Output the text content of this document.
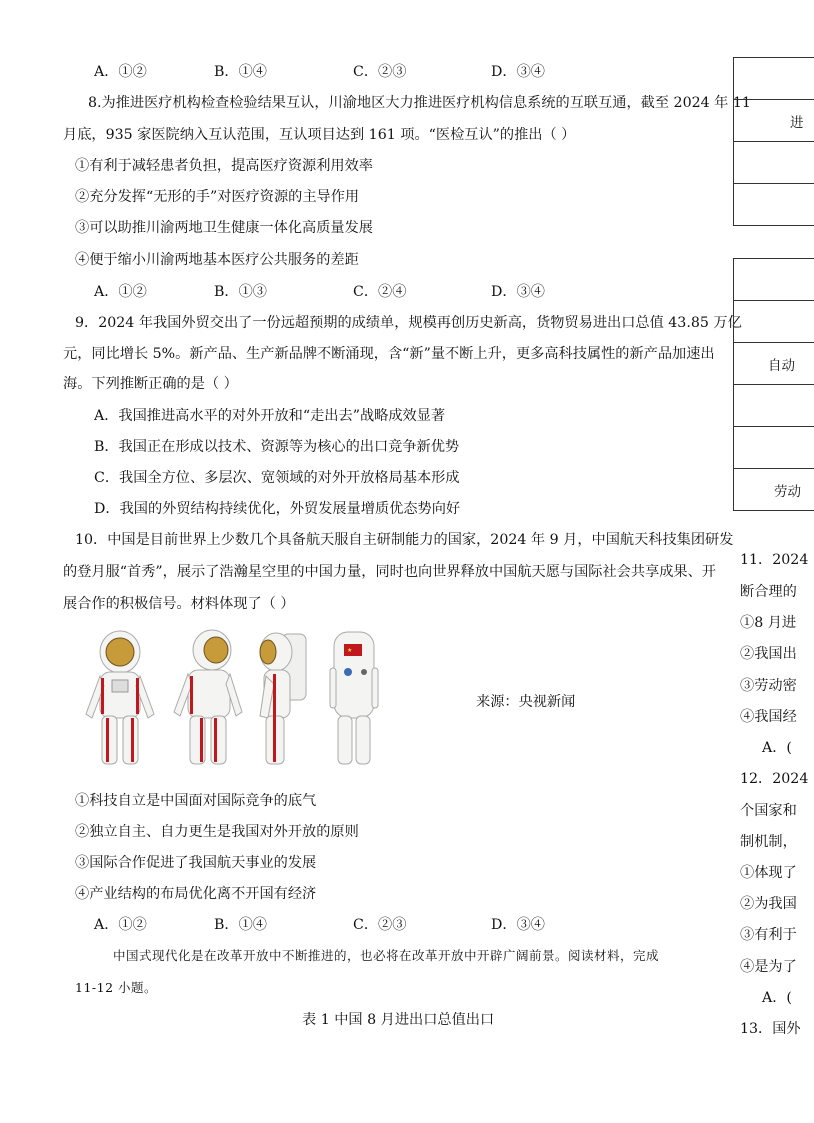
A．①②	B．①④	C．②③	D．③④
8.为推进医疗机构检查检验结果互认，川渝地区大力推进医疗机构信息系统的互联互通，截至 2024 年 11
月底，935 家医院纳入互认范围，互认项目达到 161 项。“医检互认”的推出（ ）
①有利于减轻患者负担，提高医疗资源利用效率
②充分发挥“无形的手”对医疗资源的主导作用
③可以助推川渝两地卫生健康一体化高质量发展
④便于缩小川渝两地基本医疗公共服务的差距
A．①②	B．①③	C．②④	D．③④
9．2024 年我国外贸交出了一份远超预期的成绩单，规模再创历史新高，货物贸易进出口总值 43.85 万亿
元，同比增长 5%。新产品、生产新品牌不断涌现，含“新”量不断上升，更多高科技属性的新产品加速出
海。下列推断正确的是（ ）
A．我国推进高水平的对外开放和“走出去”战略成效显著
B．我国正在形成以技术、资源等为核心的出口竞争新优势
C．我国全方位、多层次、宽领域的对外开放格局基本形成
D．我国的外贸结构持续优化，外贸发展量增质优态势向好
10．中国是目前世界上少数几个具备航天服自主研制能力的国家，2024 年 9 月，中国航天科技集团研发
的登月服“首秀”，展示了浩瀚星空里的中国力量，同时也向世界释放中国航天愿与国际社会共享成果、开
展合作的积极信号。材料体现了（ ）
★
来源：央视新闻
①科技自立是中国面对国际竞争的底气
②独立自主、自力更生是我国对外开放的原则
③国际合作促进了我国航天事业的发展
④产业结构的布局优化离不开国有经济
A．①②	B．①④	C．②③	D．③④
中国式现代化是在改革开放中不断推进的，也必将在改革开放中开辟广阔前景。阅读材料，完成
11-12 小题。
表 1 中国 8 月进出口总值出口
进
自动
劳动
11．2024
断合理的
①8 月进
②我国出
③劳动密
④我国经
A．(
12．2024
个国家和
制机制，
①体现了
②为我国
③有利于
④是为了
A．(
13．国外
